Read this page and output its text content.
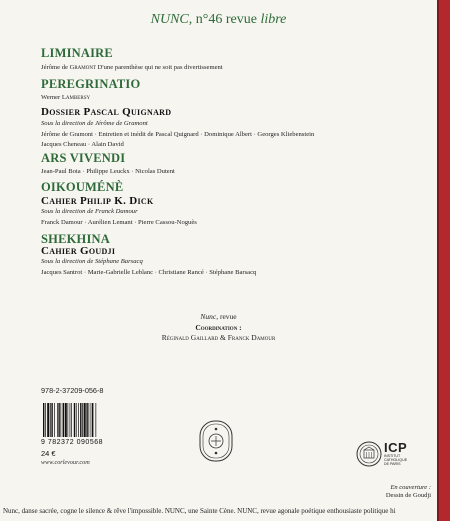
NUNC, n°46 revue libre
LIMINAIRE
Jérôme de Gramont D'une parenthèse qui ne soit pas divertissement
PEREGRINATIO
Werner Lambersy
Dossier Pascal Quignard
Sous la direction de Jérôme de Gramont
Jérôme de Gramont · Entretien et inédit de Pascal Quignard · Dominique Albert · Georges Kliebenstein
Jacques Cheneau · Alain David
ARS VIVENDI
Jean-Paul Bota · Philippe Leuckx · Nicolas Dutent
OIKOUMÉNÈ
Cahier Philip K. Dick
Sous la direction de Franck Damour
Franck Damour · Aurélien Lemant · Pierre Cassou-Noguès
SHEKHINA
Cahier Goudji
Sous la direction de Stéphane Barsacq
Jacques Santrot · Marie-Gabrielle Leblanc · Christiane Rancé · Stéphane Barsacq
Nunc, revue
Coordination :
Réginald Gaillard & Franck Damour
978-2-37209-056-8
9 782372 090568
24 €
www.corlevour.com
ICP
INSTITUT
CATHOLIQUE
DE PARIS
En couverture :
Dessin de Goudji
Nunc, danse sacrée, cogne le silence & rêve l'impossible. NUNC, une Sainte Cène. NUNC, revue agonale poétique enthousiaste politique hi
